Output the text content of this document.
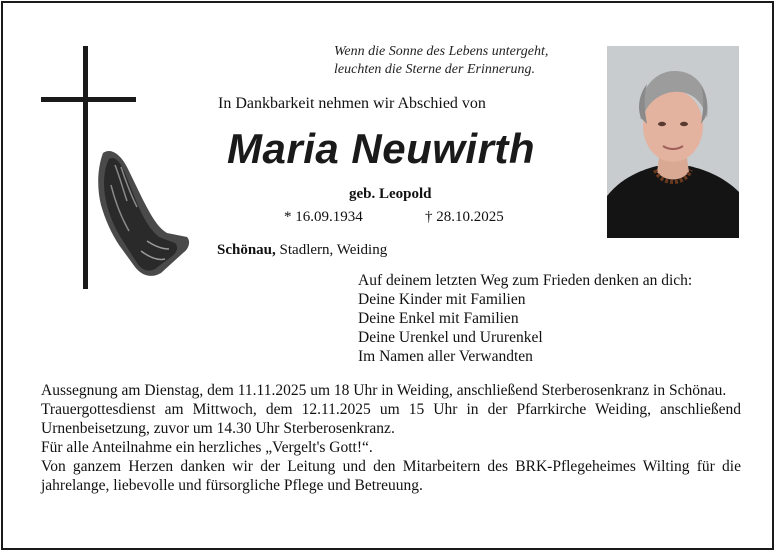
Wenn die Sonne des Lebens untergeht,
leuchten die Sterne der Erinnerung.
In Dankbarkeit nehmen wir Abschied von
Maria Neuwirth
geb. Leopold
* 16.09.1934	† 28.10.2025
Schönau, Stadlern, Weiding
Auf deinem letzten Weg zum Frieden denken an dich:
Deine Kinder mit Familien
Deine Enkel mit Familien
Deine Urenkel und Ururenkel
Im Namen aller Verwandten

Aussegnung am Dienstag, dem 11.11.2025 um 18 Uhr in Weiding, anschließend Sterberosenkranz in Schönau.

Trauergottesdienst am Mittwoch, dem 12.11.2025 um 15 Uhr in der Pfarrkirche Weiding, anschließend Urnenbeisetzung, zuvor um 14.30 Uhr Sterberosenkranz.

Für alle Anteilnahme ein herzliches „Vergelt's Gott!“.

Von ganzem Herzen danken wir der Leitung und den Mitarbeitern des BRK-Pflegeheimes Wilting für die jahrelange, liebevolle und fürsorgliche Pflege und Betreuung.
